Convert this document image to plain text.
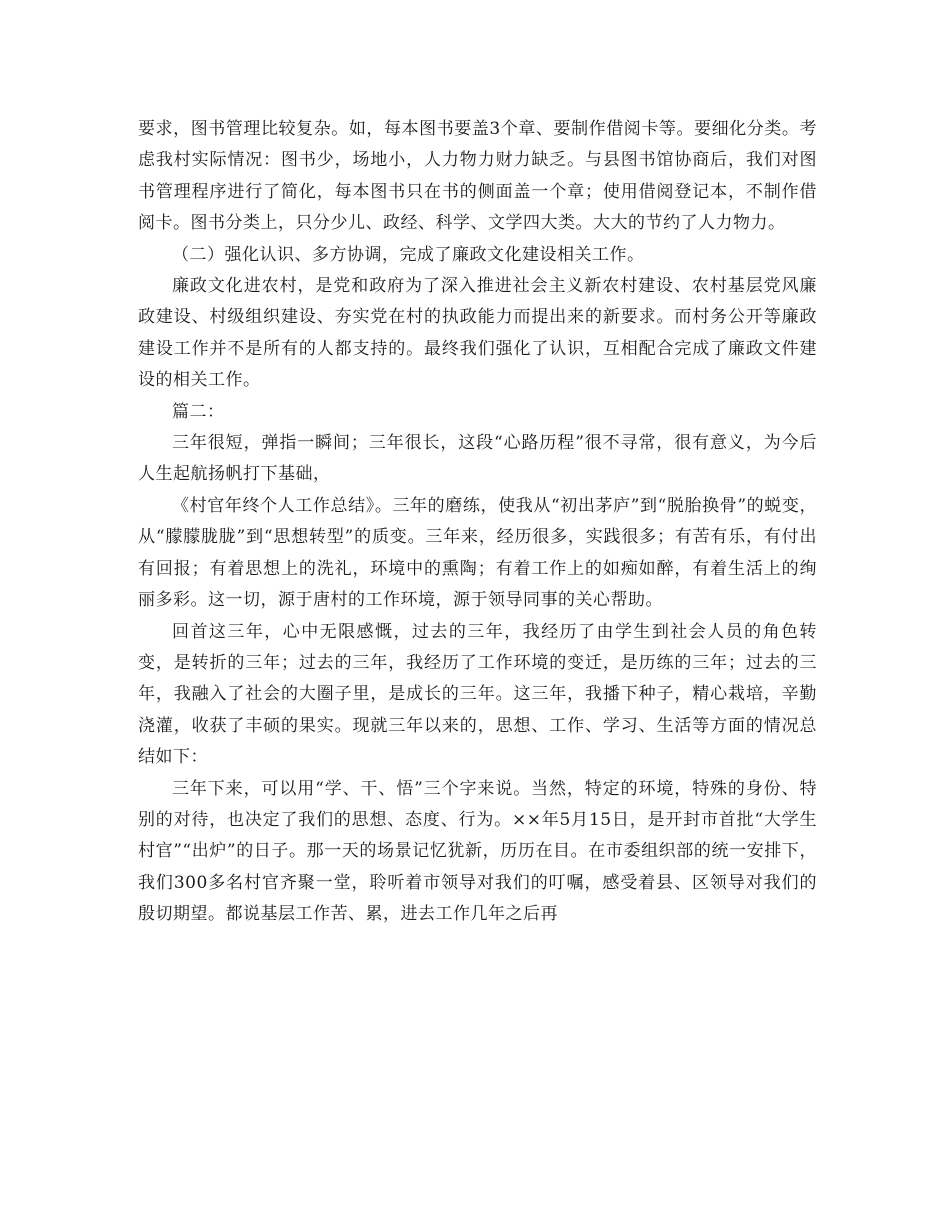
要求，图书管理比较复杂。如，每本图书要盖3个章、要制作借阅卡等。要细化分类。考虑我村实际情况：图书少，场地小，人力物力财力缺乏。与县图书馆协商后，我们对图书管理程序进行了简化，每本图书只在书的侧面盖一个章；使用借阅登记本，不制作借阅卡。图书分类上，只分少儿、政经、科学、文学四大类。大大的节约了人力物力。

（二）强化认识、多方协调，完成了廉政文化建设相关工作。

廉政文化进农村，是党和政府为了深入推进社会主义新农村建设、农村基层党风廉政建设、村级组织建设、夯实党在村的执政能力而提出来的新要求。而村务公开等廉政建设工作并不是所有的人都支持的。最终我们强化了认识，互相配合完成了廉政文件建设的相关工作。

篇二：

三年很短，弹指一瞬间；三年很长，这段“心路历程”很不寻常，很有意义，为今后人生起航扬帆打下基础，

《村官年终个人工作总结》。三年的磨练，使我从“初出茅庐”到“脱胎换骨”的蜕变，从“朦朦胧胧”到“思想转型”的质变。三年来，经历很多，实践很多；有苦有乐，有付出有回报；有着思想上的洗礼，环境中的熏陶；有着工作上的如痴如醉，有着生活上的绚丽多彩。这一切，源于唐村的工作环境，源于领导同事的关心帮助。

回首这三年，心中无限感慨，过去的三年，我经历了由学生到社会人员的角色转变，是转折的三年；过去的三年，我经历了工作环境的变迁，是历练的三年；过去的三年，我融入了社会的大圈子里，是成长的三年。这三年，我播下种子，精心栽培，辛勤浇灌，收获了丰硕的果实。现就三年以来的，思想、工作、学习、生活等方面的情况总结如下：

三年下来，可以用“学、干、悟”三个字来说。当然，特定的环境，特殊的身份、特别的对待，也决定了我们的思想、态度、行为。××年5月15日，是开封市首批“大学生村官”“出炉”的日子。那一天的场景记忆犹新，历历在目。在市委组织部的统一安排下，我们300多名村官齐聚一堂，聆听着市领导对我们的叮嘱，感受着县、区领导对我们的殷切期望。都说基层工作苦、累，进去工作几年之后再
